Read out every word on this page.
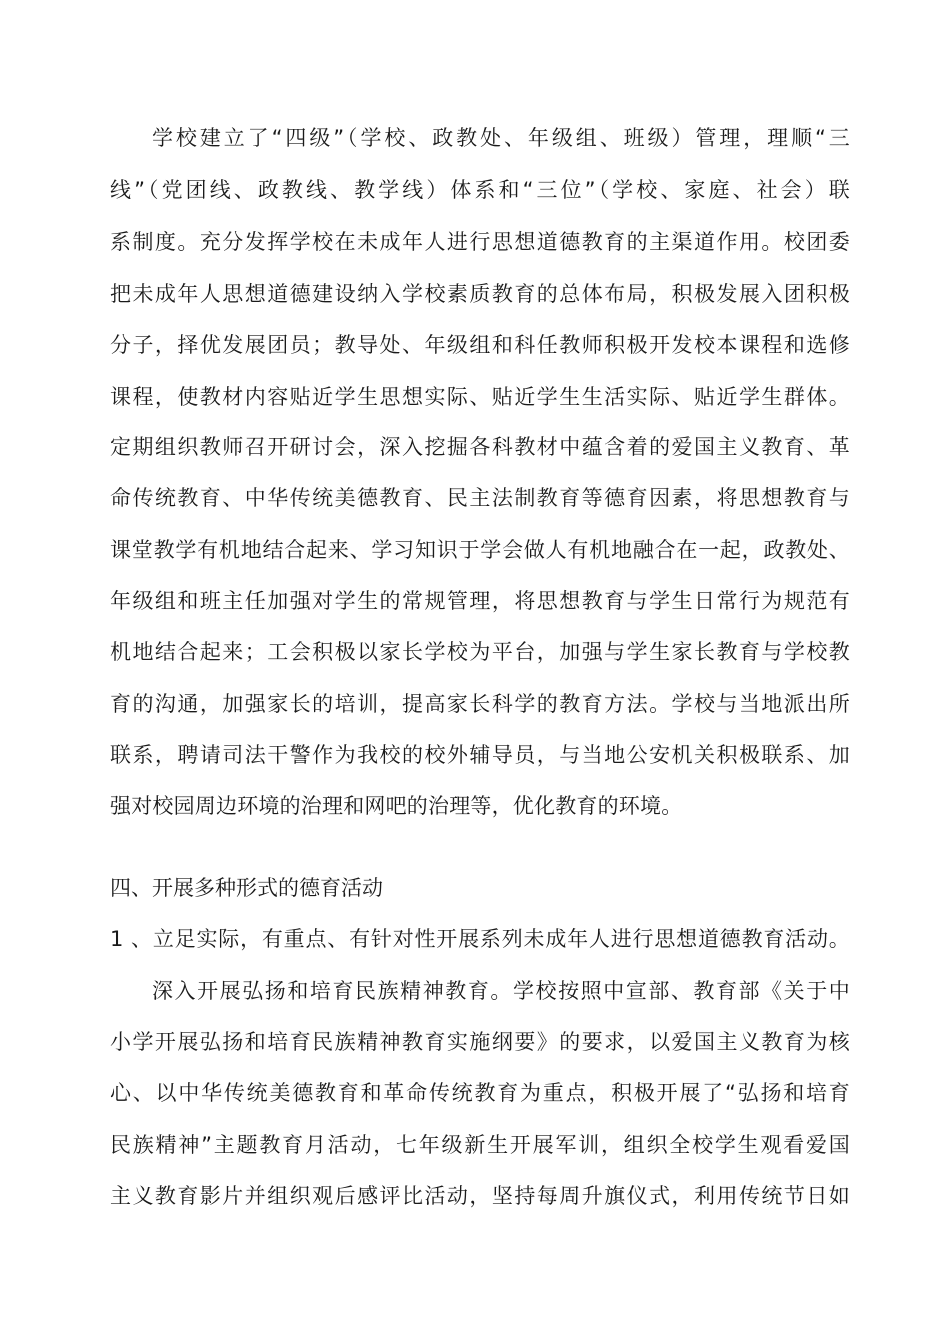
学校建立了“四级”（学校、政教处、年级组、班级）管理，理顺“三
线”（党团线、政教线、教学线）体系和“三位”（学校、家庭、社会）联
系制度。充分发挥学校在未成年人进行思想道德教育的主渠道作用。校团委
把未成年人思想道德建设纳入学校素质教育的总体布局，积极发展入团积极
分子，择优发展团员；教导处、年级组和科任教师积极开发校本课程和选修
课程，使教材内容贴近学生思想实际、贴近学生生活实际、贴近学生群体。
定期组织教师召开研讨会，深入挖掘各科教材中蕴含着的爱国主义教育、革
命传统教育、中华传统美德教育、民主法制教育等德育因素，将思想教育与
课堂教学有机地结合起来、学习知识于学会做人有机地融合在一起，政教处、
年级组和班主任加强对学生的常规管理，将思想教育与学生日常行为规范有
机地结合起来；工会积极以家长学校为平台，加强与学生家长教育与学校教
育的沟通，加强家长的培训，提高家长科学的教育方法。学校与当地派出所
联系，聘请司法干警作为我校的校外辅导员，与当地公安机关积极联系、加
强对校园周边环境的治理和网吧的治理等，优化教育的环境。
四、开展多种形式的德育活动
1 、立足实际，有重点、有针对性开展系列未成年人进行思想道德教育活动。
深入开展弘扬和培育民族精神教育。学校按照中宣部、教育部《关于中
小学开展弘扬和培育民族精神教育实施纲要》的要求，以爱国主义教育为核
心、以中华传统美德教育和革命传统教育为重点，积极开展了“弘扬和培育
民族精神”主题教育月活动，七年级新生开展军训，组织全校学生观看爱国
主义教育影片并组织观后感评比活动，坚持每周升旗仪式，利用传统节日如
